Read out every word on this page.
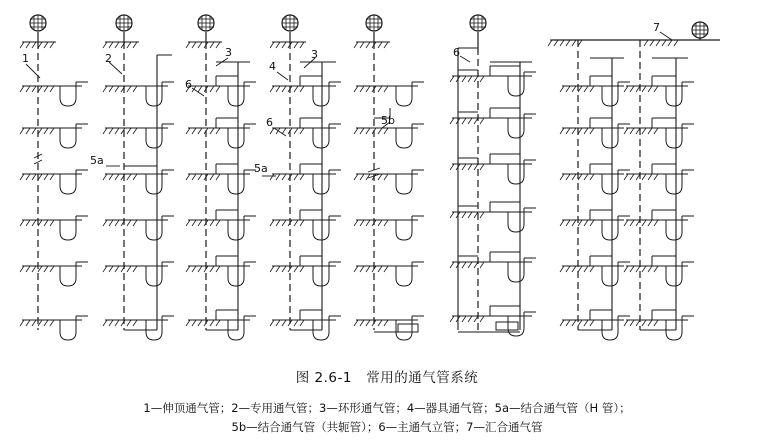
1	2	3
6
4
3
6	5b
5a
5a
6
7
图 2.6-1   常用的通气管系统
1—伸顶通气管；2—专用通气管；3—环形通气管；4—器具通气管；5a—结合通气管（H 管）；
5b—结合通气管（共轭管）；6—主通气立管；7—汇合通气管
